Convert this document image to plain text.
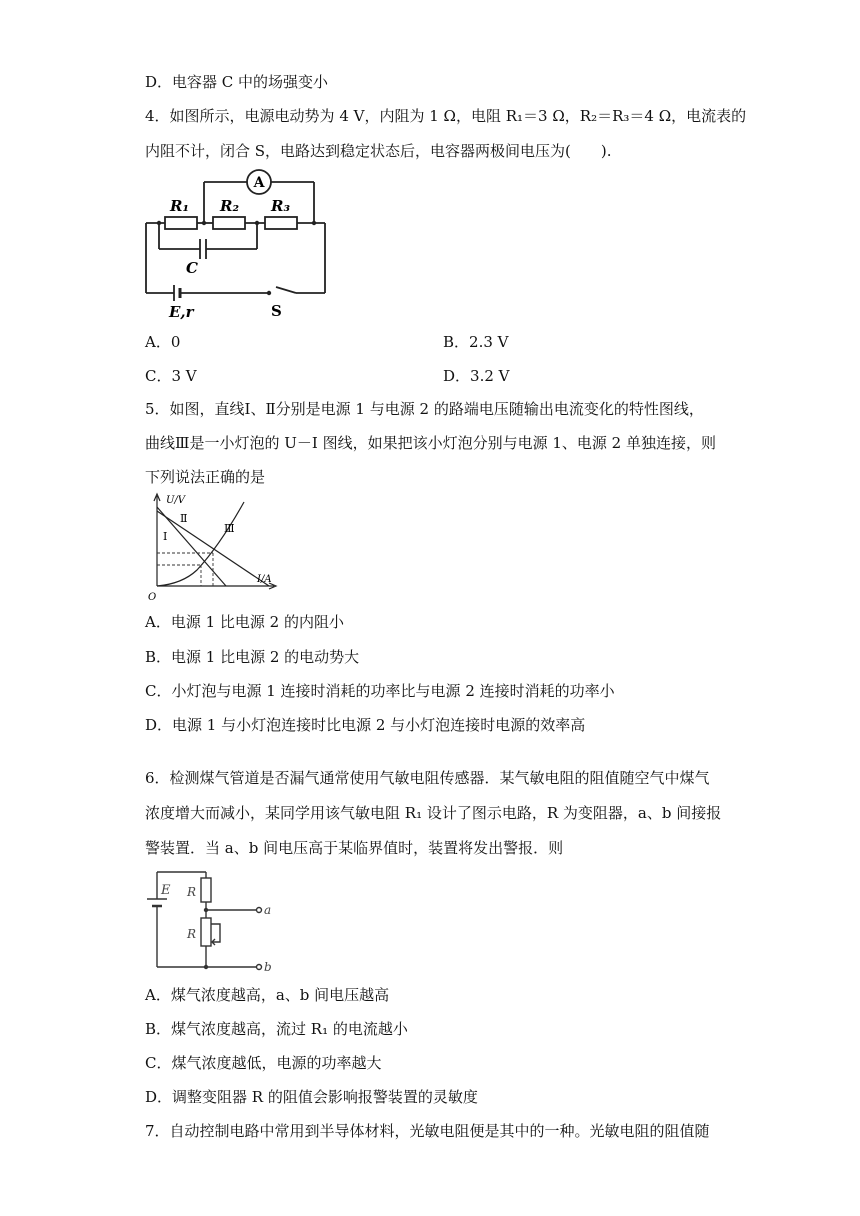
D．电容器 C 中的场强变小
4．如图所示，电源电动势为 4 V，内阻为 1 Ω，电阻 R₁＝3 Ω，R₂＝R₃＝4 Ω，电流表的
内阻不计，闭合 S，电路达到稳定状态后，电容器两极间电压为(　　).
A
R₁ R₂ R₃
C
E,r	S
A．0	B．2.3 V
C．3 V	D．3.2 V
5．如图，直线Ⅰ、Ⅱ分别是电源 1 与电源 2 的路端电压随输出电流变化的特性图线，
曲线Ⅲ是一小灯泡的 U－I 图线，如果把该小灯泡分别与电源 1、电源 2 单独连接，则
下列说法正确的是
U/V
I/A
O
Ⅰ
Ⅱ
Ⅲ
A．电源 1 比电源 2 的内阻小
B．电源 1 比电源 2 的电动势大
C．小灯泡与电源 1 连接时消耗的功率比与电源 2 连接时消耗的功率小
D．电源 1 与小灯泡连接时比电源 2 与小灯泡连接时电源的效率高
6．检测煤气管道是否漏气通常使用气敏电阻传感器．某气敏电阻的阻值随空气中煤气
浓度增大而减小，某同学用该气敏电阻 R₁ 设计了图示电路，R 为变阻器，a、b 间接报
警装置．当 a、b 间电压高于某临界值时，装置将发出警报．则
E R
R
a
b
A．煤气浓度越高，a、b 间电压越高
B．煤气浓度越高，流过 R₁ 的电流越小
C．煤气浓度越低，电源的功率越大
D．调整变阻器 R 的阻值会影响报警装置的灵敏度
7．自动控制电路中常用到半导体材料，光敏电阻便是其中的一种。光敏电阻的阻值随
